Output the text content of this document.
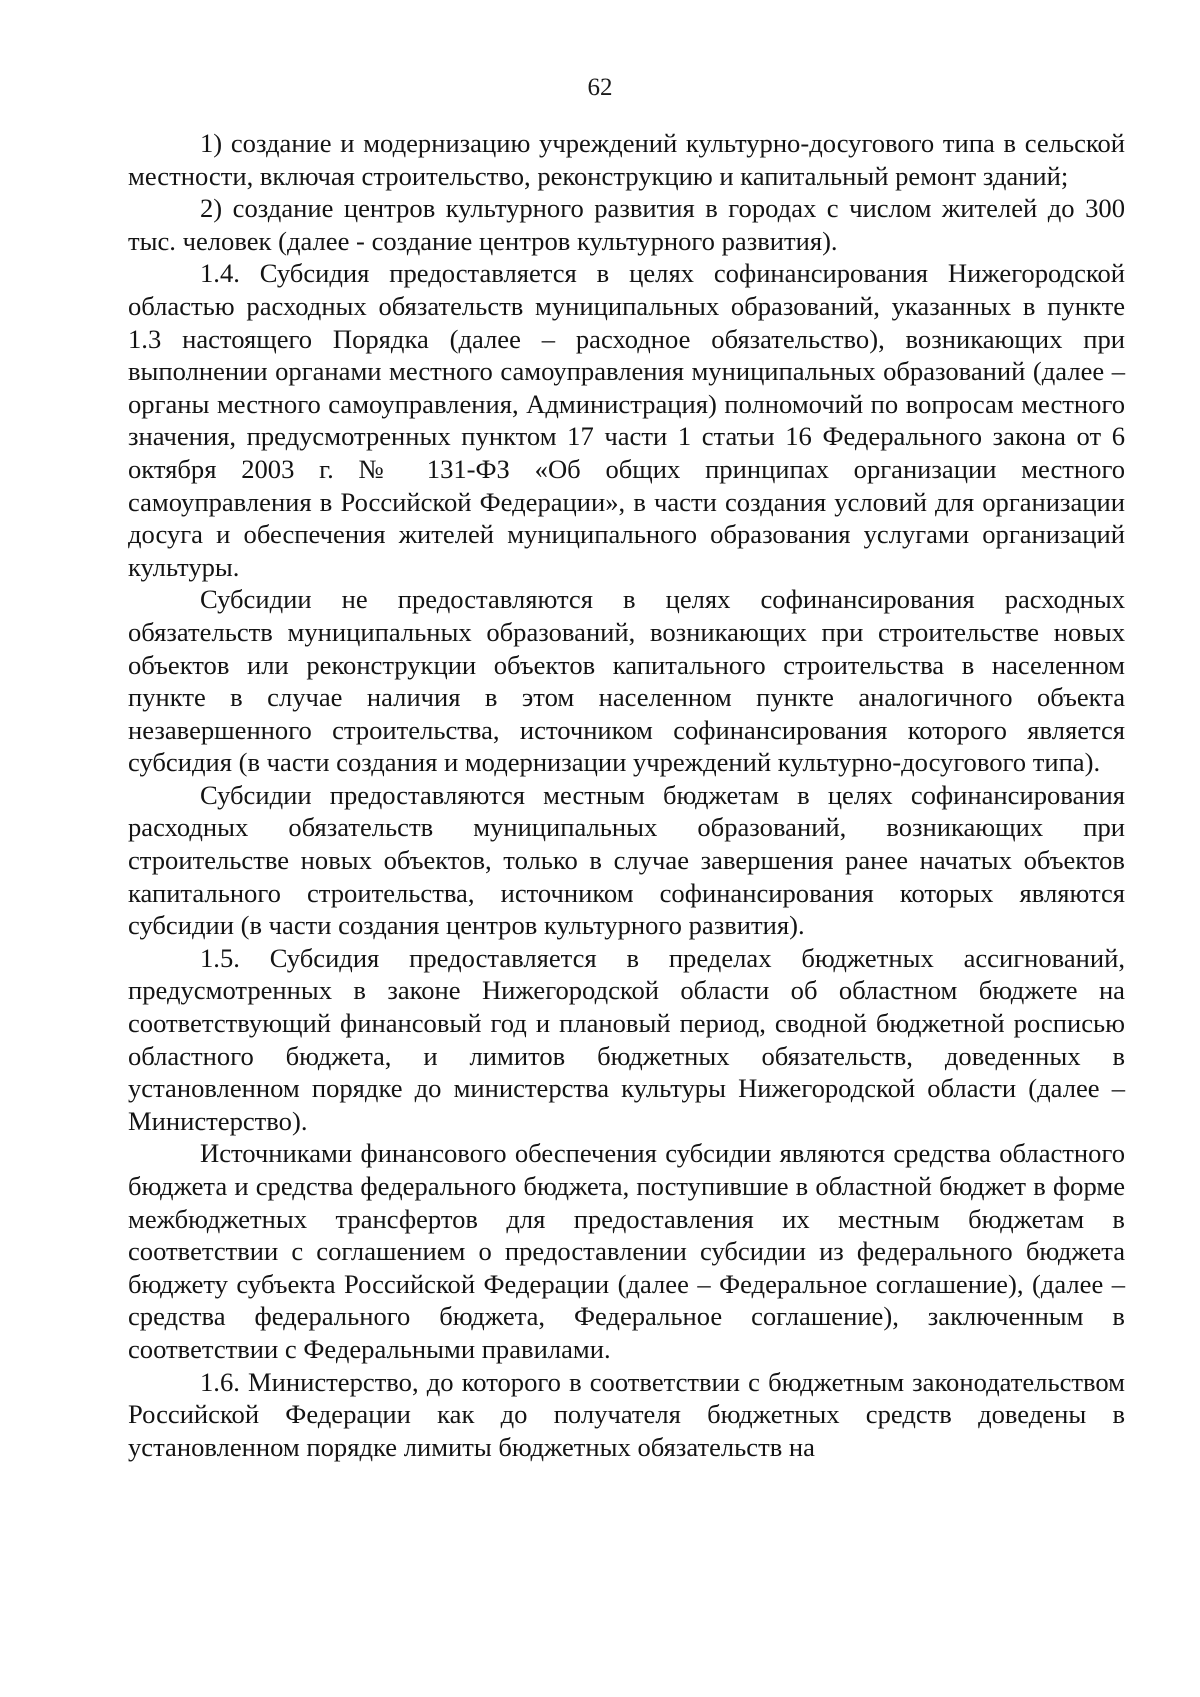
62

1) создание и модернизацию учреждений культурно-досугового типа в сельской местности, включая строительство, реконструкцию и капитальный ремонт зданий;

2) создание центров культурного развития в городах с числом жителей до 300 тыс. человек (далее - создание центров культурного развития).

1.4. Субсидия предоставляется в целях софинансирования Нижегородской областью расходных обязательств муниципальных образований, указанных в пункте 1.3 настоящего Порядка (далее – расходное обязательство), возникающих при выполнении органами местного самоуправления муниципальных образований (далее – органы местного самоуправления, Администрация) полномочий по вопросам местного значения, предусмотренных пунктом 17 части 1 статьи 16 Федерального закона от 6 октября 2003 г. № 131-ФЗ «Об общих принципах организации местного самоуправления в Российской Федерации», в части создания условий для организации досуга и обеспечения жителей муниципального образования услугами организаций культуры.

Субсидии не предоставляются в целях софинансирования расходных обязательств муниципальных образований, возникающих при строительстве новых объектов или реконструкции объектов капитального строительства в населенном пункте в случае наличия в этом населенном пункте аналогичного объекта незавершенного строительства, источником софинансирования которого является субсидия (в части создания и модернизации учреждений культурно-досугового типа).

Субсидии предоставляются местным бюджетам в целях софинансирования расходных обязательств муниципальных образований, возникающих при строительстве новых объектов, только в случае завершения ранее начатых объектов капитального строительства, источником софинансирования которых являются субсидии (в части создания центров культурного развития).

1.5. Субсидия предоставляется в пределах бюджетных ассигнований, предусмотренных в законе Нижегородской области об областном бюджете на соответствующий финансовый год и плановый период, сводной бюджетной росписью областного бюджета, и лимитов бюджетных обязательств, доведенных в установленном порядке до министерства культуры Нижегородской области (далее – Министерство).

Источниками финансового обеспечения субсидии являются средства областного бюджета и средства федерального бюджета, поступившие в областной бюджет в форме межбюджетных трансфертов для предоставления их местным бюджетам в соответствии с соглашением о предоставлении субсидии из федерального бюджета бюджету субъекта Российской Федерации (далее – Федеральное соглашение), (далее – средства федерального бюджета, Федеральное соглашение), заключенным в соответствии с Федеральными правилами.

1.6. Министерство, до которого в соответствии с бюджетным законодательством Российской Федерации как до получателя бюджетных средств доведены в установленном порядке лимиты бюджетных обязательств на
